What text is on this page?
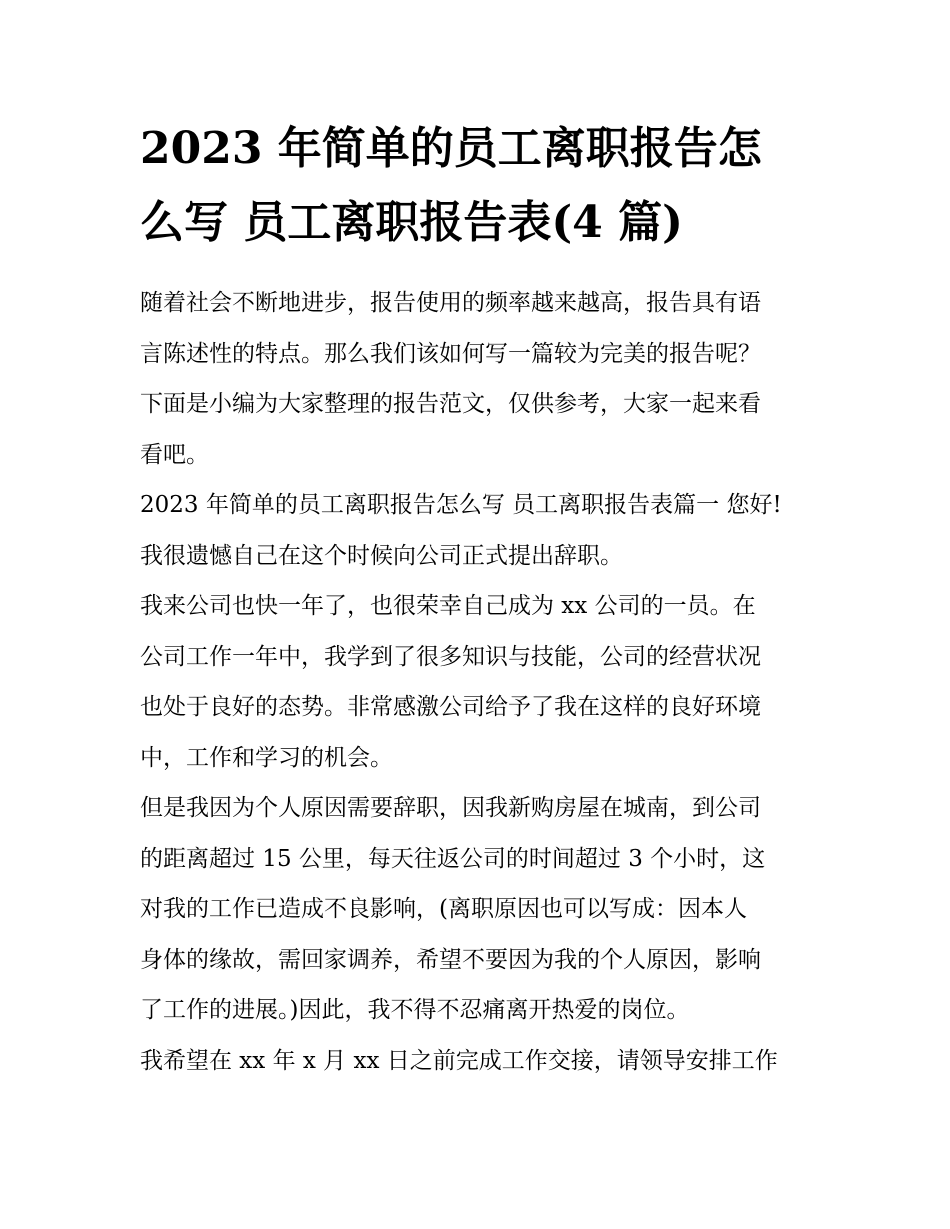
2023 年简单的员工离职报告怎
么写 员工离职报告表(4 篇)
随着社会不断地进步，报告使用的频率越来越高，报告具有语
言陈述性的特点。那么我们该如何写一篇较为完美的报告呢？
下面是小编为大家整理的报告范文，仅供参考，大家一起来看
看吧。
2023 年简单的员工离职报告怎么写 员工离职报告表篇一 您好!
我很遗憾自己在这个时候向公司正式提出辞职。
我来公司也快一年了，也很荣幸自己成为 xx 公司的一员。在
公司工作一年中，我学到了很多知识与技能，公司的经营状况
也处于良好的态势。非常感激公司给予了我在这样的良好环境
中，工作和学习的机会。
但是我因为个人原因需要辞职，因我新购房屋在城南，到公司
的距离超过 15 公里，每天往返公司的时间超过 3 个小时，这
对我的工作已造成不良影响，(离职原因也可以写成：因本人
身体的缘故，需回家调养，希望不要因为我的个人原因，影响
了工作的进展。)因此，我不得不忍痛离开热爱的岗位。
我希望在 xx 年 x 月 xx 日之前完成工作交接，请领导安排工作
